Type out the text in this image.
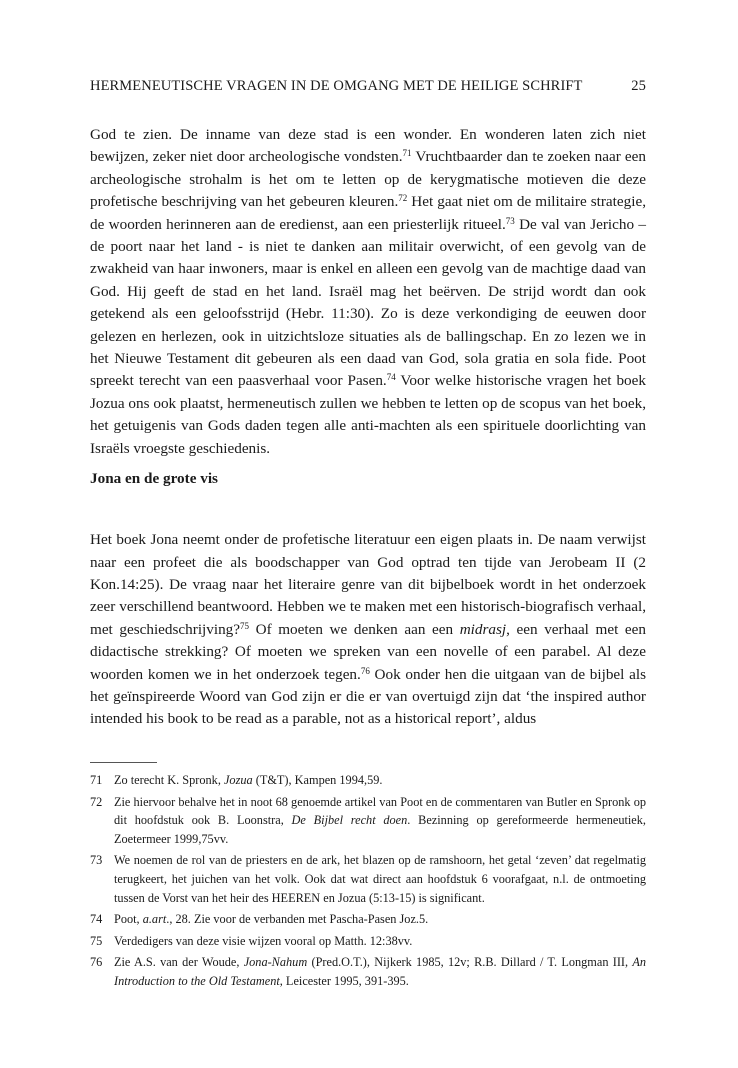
HERMENEUTISCHE VRAGEN IN DE OMGANG MET DE HEILIGE SCHRIFT	25

God te zien. De inname van deze stad is een wonder. En wonderen laten zich niet bewijzen, zeker niet door archeologische vondsten.$^{71}$ Vruchtbaarder dan te zoeken naar een archeologische strohalm is het om te letten op de kerygmatische motieven die deze profetische beschrijving van het gebeuren kleuren.$^{72}$ Het gaat niet om de militaire strategie, de woorden herinneren aan de eredienst, aan een priesterlijk ritueel.$^{73}$ De val van Jericho – de poort naar het land - is niet te danken aan militair overwicht, of een gevolg van de zwakheid van haar inwoners, maar is enkel en alleen een gevolg van de machtige daad van God. Hij geeft de stad en het land. Israël mag het beërven. De strijd wordt dan ook getekend als een geloofsstrijd (Hebr. 11:30). Zo is deze verkondiging de eeuwen door gelezen en herlezen, ook in uitzichtsloze situaties als de ballingschap. En zo lezen we in het Nieuwe Testament dit gebeuren als een daad van God, sola gratia en sola fide. Poot spreekt terecht van een paasverhaal voor Pasen.$^{74}$ Voor welke historische vragen het boek Jozua ons ook plaatst, hermeneutisch zullen we hebben te letten op de scopus van het boek, het getuigenis van Gods daden tegen alle anti-machten als een spirituele doorlichting van Israëls vroegste geschiedenis.

Jona en de grote vis

Het boek Jona neemt onder de profetische literatuur een eigen plaats in. De naam verwijst naar een profeet die als boodschapper van God optrad ten tijde van Jerobeam II (2 Kon.14:25). De vraag naar het literaire genre van dit bijbelboek wordt in het onderzoek zeer verschillend beantwoord. Hebben we te maken met een historisch-biografisch verhaal, met geschiedschrijving?$^{75}$ Of moeten we denken aan een midrasj, een verhaal met een didactische strekking? Of moeten we spreken van een novelle of een parabel. Al deze woorden komen we in het onderzoek tegen.$^{76}$ Ook onder hen die uitgaan van de bijbel als het geïnspireerde Woord van God zijn er die er van overtuigd zijn dat ‘the inspired author intended his book to be read as a parable, not as a historical report’, aldus

71 Zo terecht K. Spronk, Jozua (T&T), Kampen 1994,59.
72 Zie hiervoor behalve het in noot 68 genoemde artikel van Poot en de commentaren van Butler en Spronk op dit hoofdstuk ook B. Loonstra, De Bijbel recht doen. Bezinning op gereformeerde hermeneutiek, Zoetermeer 1999,75vv.
73 We noemen de rol van de priesters en de ark, het blazen op de ramshoorn, het getal ‘zeven’ dat regelmatig terugkeert, het juichen van het volk. Ook dat wat direct aan hoofdstuk 6 voorafgaat, n.l. de ontmoeting tussen de Vorst van het heir des HEEREN en Jozua (5:13-15) is significant.
74 Poot, a.art., 28. Zie voor de verbanden met Pascha-Pasen Joz.5.
75 Verdedigers van deze visie wijzen vooral op Matth. 12:38vv.
76 Zie A.S. van der Woude, Jona-Nahum (Pred.O.T.), Nijkerk 1985, 12v; R.B. Dillard / T. Longman III, An Introduction to the Old Testament, Leicester 1995, 391-395.
